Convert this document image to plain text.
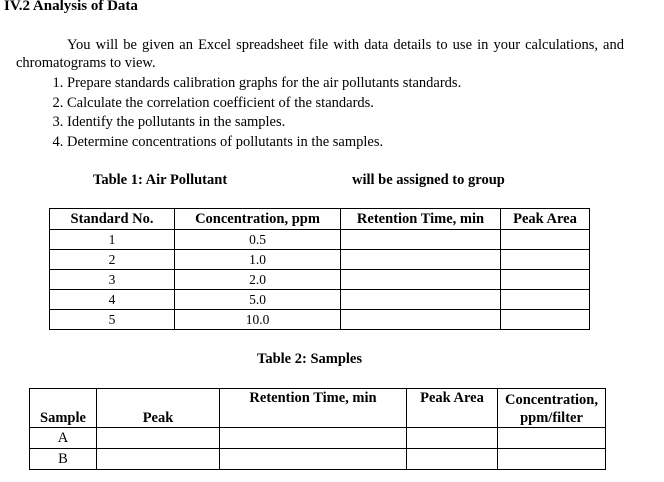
IV.2 Analysis of Data
You will be given an Excel spreadsheet file with data details to use in your calculations, and chromatograms to view.
1. Prepare standards calibration graphs for the air pollutants standards.
2. Calculate the correlation coefficient of the standards.
3. Identify the pollutants in the samples.
4. Determine concentrations of pollutants in the samples.
Table 1: Air Pollutant	will be assigned to group
Standard No.	Concentration, ppm	Retention Time, min	Peak Area
1	0.5		
2	1.0		
3	2.0		
4	5.0		
5	10.0		
Table 2: Samples
Sample	Peak	Retention Time, min	Peak Area	Concentration, ppm/filter
A				
B				
